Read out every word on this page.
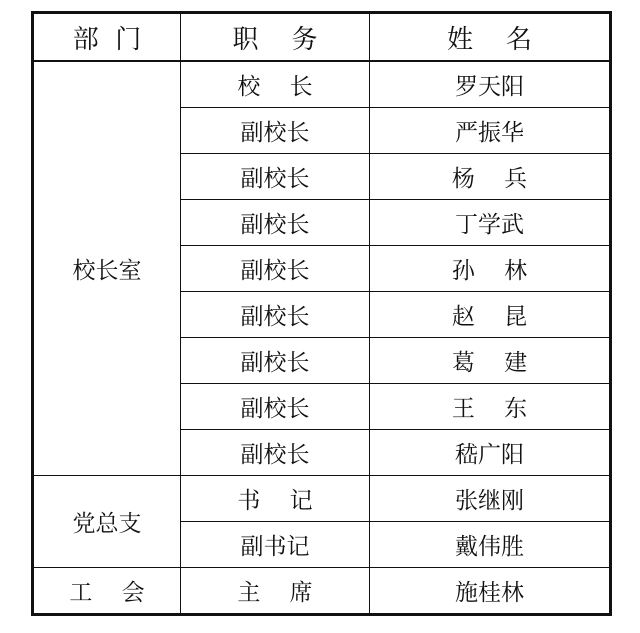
部  门	职    务	姓    名
校长室	校    长	罗天阳
	副校长	严振华
	副校长	杨    兵
	副校长	丁学武
	副校长	孙    林
	副校长	赵    昆
	副校长	葛    建
	副校长	王    东
	副校长	嵇广阳
党总支	书    记	张继刚
	副书记	戴伟胜
工    会	主    席	施桂林
